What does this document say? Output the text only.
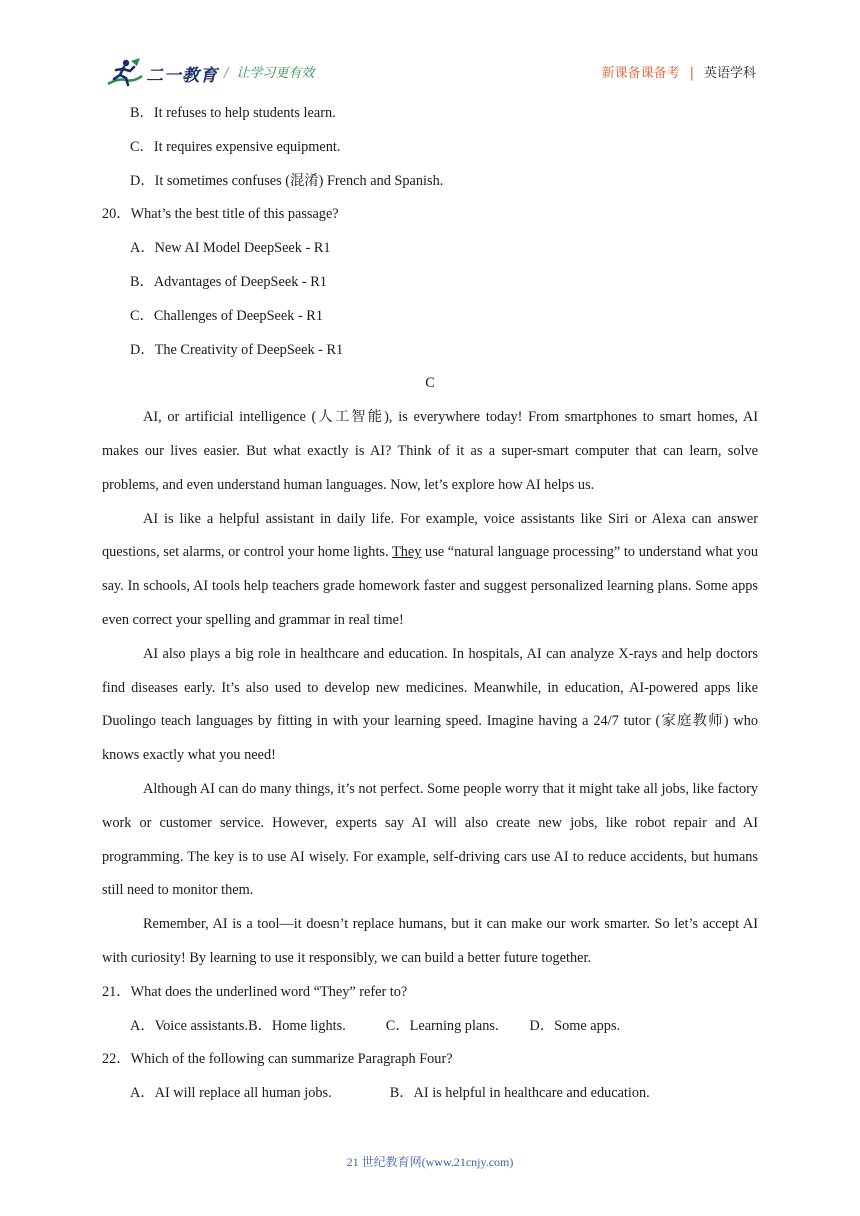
二一教育 / 让学习更有效	新课备课备考 | 英语学科
B．It refuses to help students learn.
C．It requires expensive equipment.
D．It sometimes confuses (混淆) French and Spanish.
20．What’s the best title of this passage?
A．New AI Model DeepSeek - R1
B．Advantages of DeepSeek - R1
C．Challenges of DeepSeek - R1
D．The Creativity of DeepSeek - R1
C
AI, or artificial intelligence (人工智能), is everywhere today! From smartphones to smart homes, AI makes our lives easier. But what exactly is AI? Think of it as a super-smart computer that can learn, solve problems, and even understand human languages. Now, let’s explore how AI helps us.
AI is like a helpful assistant in daily life. For example, voice assistants like Siri or Alexa can answer questions, set alarms, or control your home lights. They use “natural language processing” to understand what you say. In schools, AI tools help teachers grade homework faster and suggest personalized learning plans. Some apps even correct your spelling and grammar in real time!
AI also plays a big role in healthcare and education. In hospitals, AI can analyze X-rays and help doctors find diseases early. It’s also used to develop new medicines. Meanwhile, in education, AI-powered apps like Duolingo teach languages by fitting in with your learning speed. Imagine having a 24/7 tutor (家庭教师) who knows exactly what you need!
Although AI can do many things, it’s not perfect. Some people worry that it might take all jobs, like factory work or customer service. However, experts say AI will also create new jobs, like robot repair and AI programming. The key is to use AI wisely. For example, self-driving cars use AI to reduce accidents, but humans still need to monitor them.
Remember, AI is a tool—it doesn’t replace humans, but it can make our work smarter. So let’s accept AI with curiosity! By learning to use it responsibly, we can build a better future together.
21．What does the underlined word “They” refer to?
A．Voice assistants.B．Home lights.	C．Learning plans. D．Some apps.
22．Which of the following can summarize Paragraph Four?
A．AI will replace all human jobs.	B．AI is helpful in healthcare and education.
21 世纪教育网(www.21cnjy.com)
